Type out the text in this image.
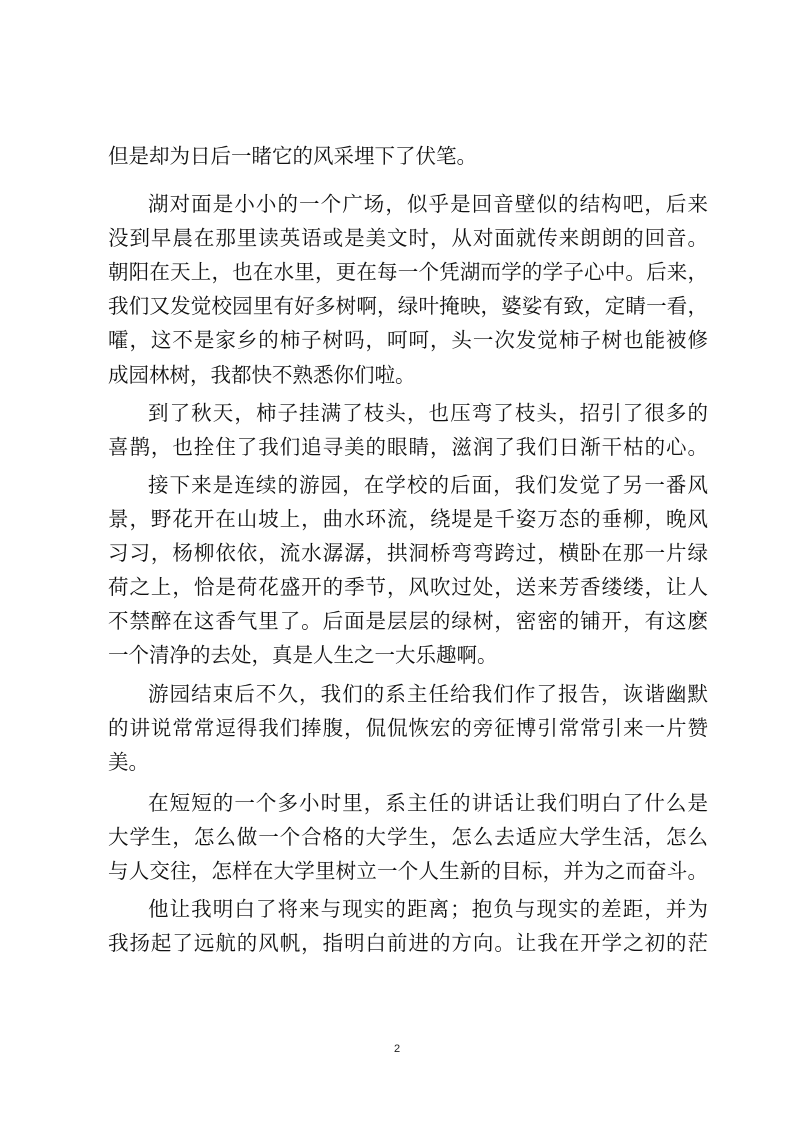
但是却为日后一睹它的风采埋下了伏笔。
湖对面是小小的一个广场，似乎是回音壁似的结构吧，后来
没到早晨在那里读英语或是美文时，从对面就传来朗朗的回音。
朝阳在天上，也在水里，更在每一个凭湖而学的学子心中。后来，
我们又发觉校园里有好多树啊，绿叶掩映，婆娑有致，定睛一看，
嚯，这不是家乡的柿子树吗，呵呵，头一次发觉柿子树也能被修
成园林树，我都快不熟悉你们啦。
到了秋天，柿子挂满了枝头，也压弯了枝头，招引了很多的
喜鹊，也拴住了我们追寻美的眼睛，滋润了我们日渐干枯的心。
接下来是连续的游园，在学校的后面，我们发觉了另一番风
景，野花开在山坡上，曲水环流，绕堤是千姿万态的垂柳，晚风
习习，杨柳依依，流水潺潺，拱洞桥弯弯跨过，横卧在那一片绿
荷之上，恰是荷花盛开的季节，风吹过处，送来芳香缕缕，让人
不禁醉在这香气里了。后面是层层的绿树，密密的铺开，有这麽
一个清净的去处，真是人生之一大乐趣啊。
游园结束后不久，我们的系主任给我们作了报告，诙谐幽默
的讲说常常逗得我们捧腹，侃侃恢宏的旁征博引常常引来一片赞
美。
在短短的一个多小时里，系主任的讲话让我们明白了什么是
大学生，怎么做一个合格的大学生，怎么去适应大学生活，怎么
与人交往，怎样在大学里树立一个人生新的目标，并为之而奋斗。
他让我明白了将来与现实的距离；抱负与现实的差距，并为
我扬起了远航的风帆，指明白前进的方向。让我在开学之初的茫
2
